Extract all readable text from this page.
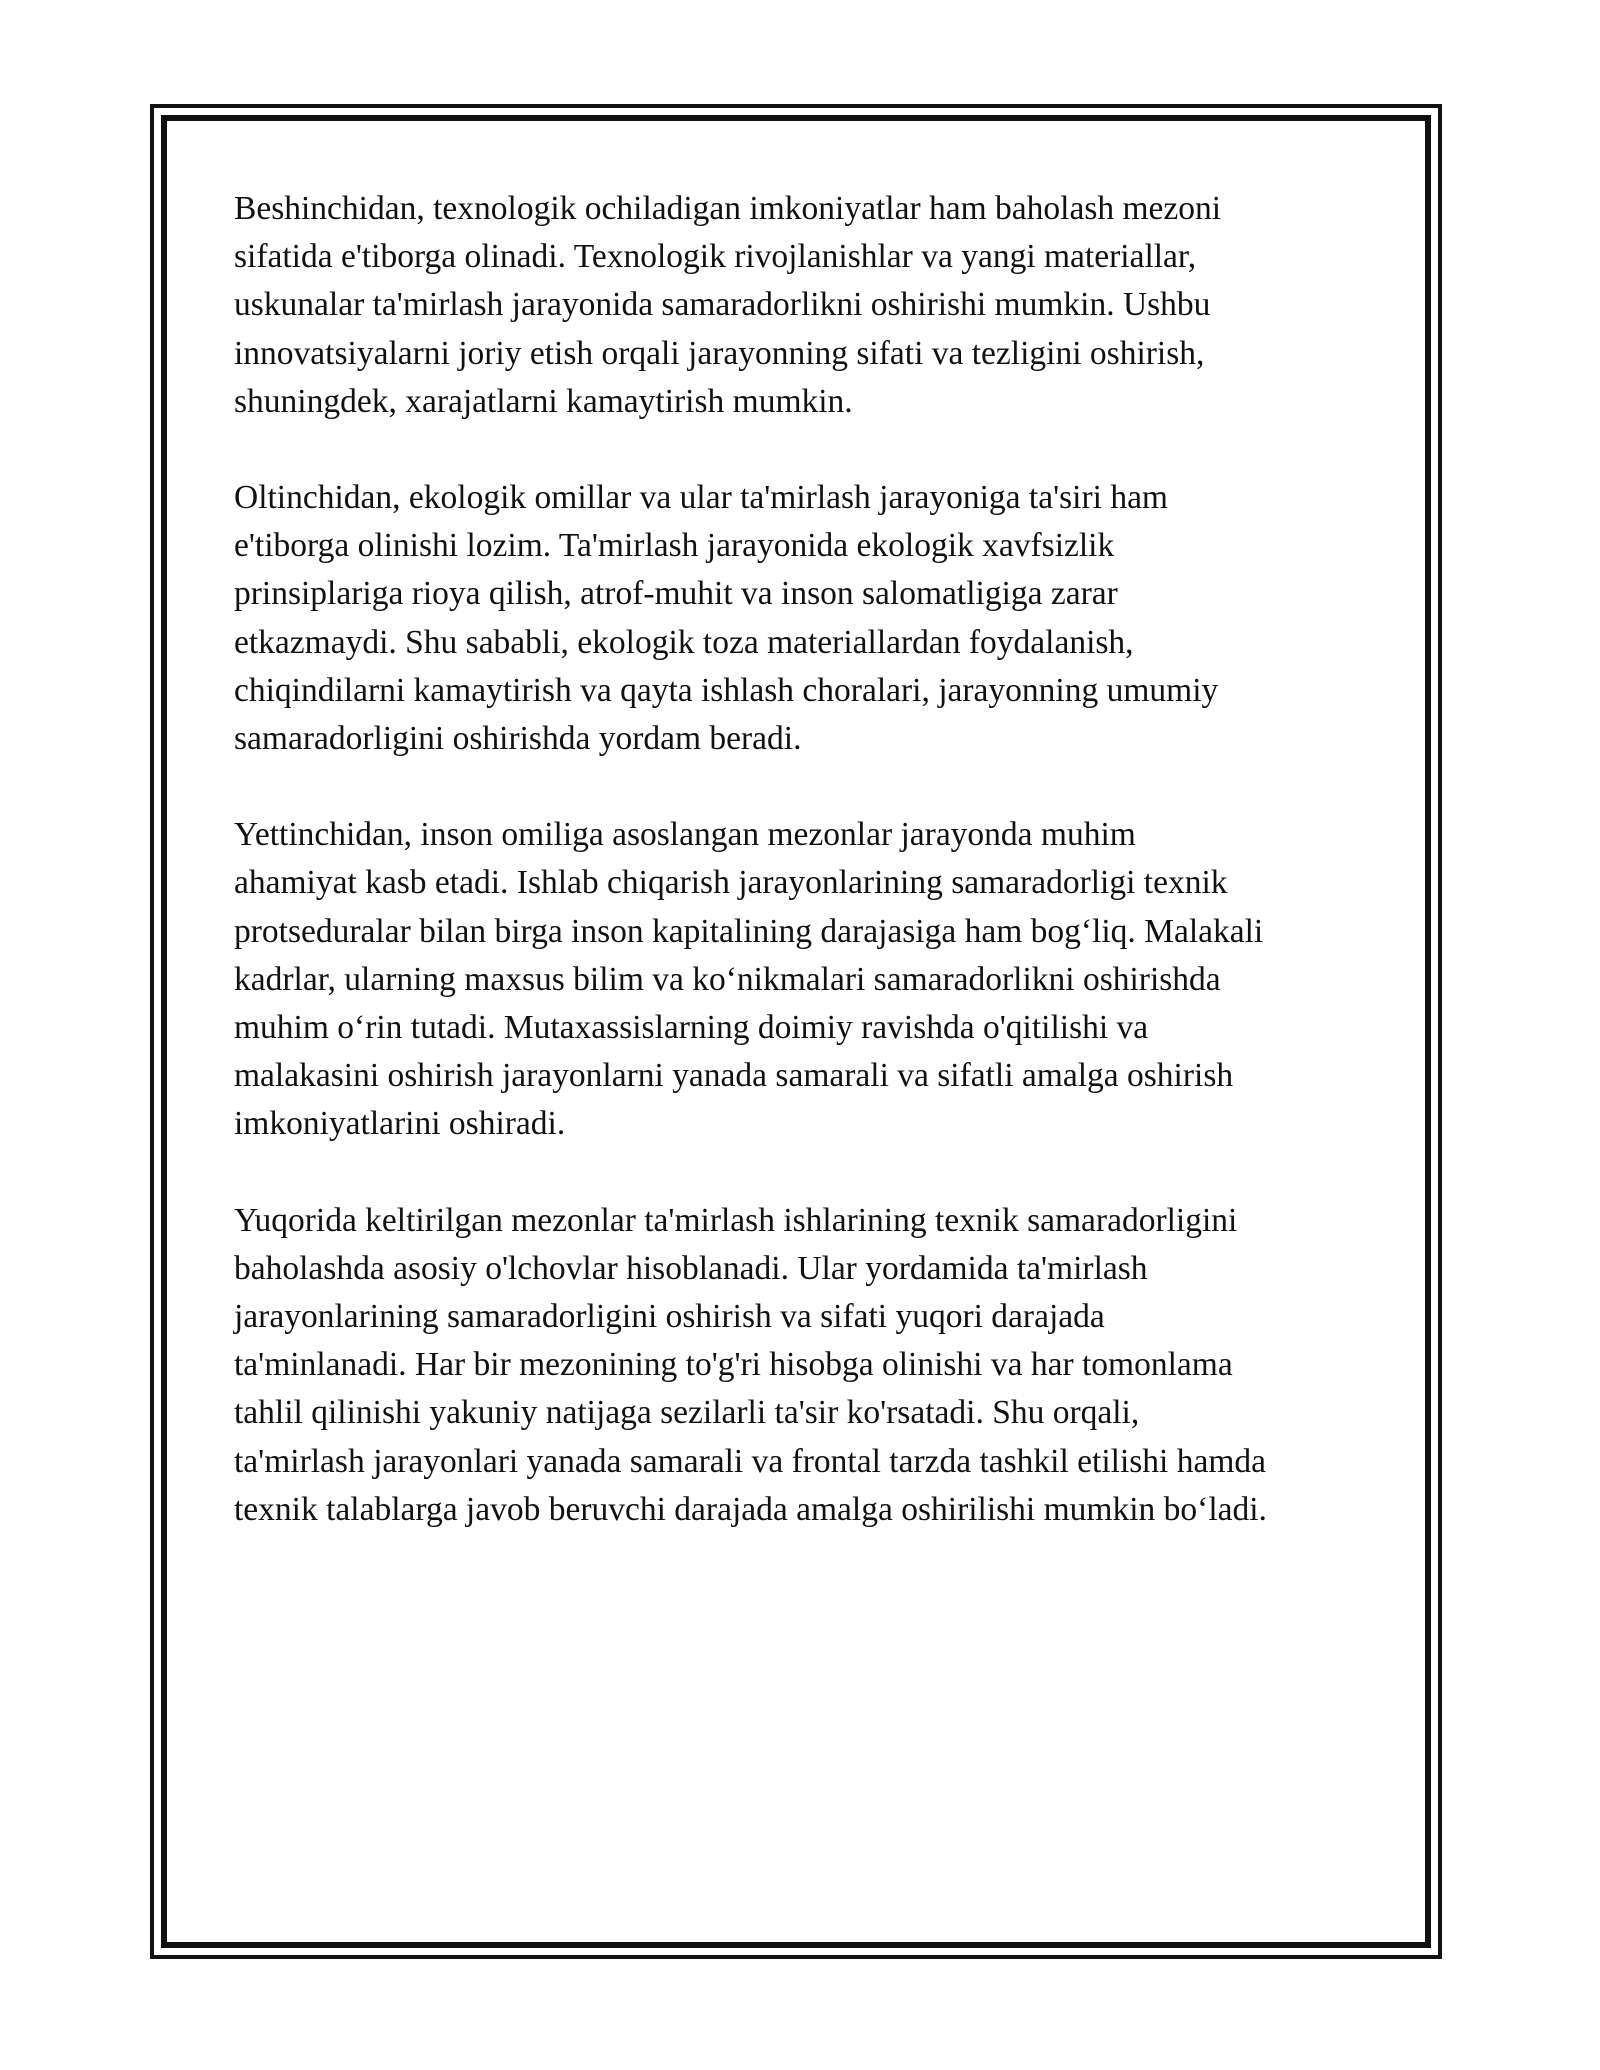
Beshinchidan, texnologik ochiladigan imkoniyatlar ham baholash mezoni
sifatida e'tiborga olinadi. Texnologik rivojlanishlar va yangi materiallar,
uskunalar ta'mirlash jarayonida samaradorlikni oshirishi mumkin. Ushbu
innovatsiyalarni joriy etish orqali jarayonning sifati va tezligini oshirish,
shuningdek, xarajatlarni kamaytirish mumkin.

Oltinchidan, ekologik omillar va ular ta'mirlash jarayoniga ta'siri ham
e'tiborga olinishi lozim. Ta'mirlash jarayonida ekologik xavfsizlik
prinsiplariga rioya qilish, atrof-muhit va inson salomatligiga zarar
etkazmaydi. Shu sababli, ekologik toza materiallardan foydalanish,
chiqindilarni kamaytirish va qayta ishlash choralari, jarayonning umumiy
samaradorligini oshirishda yordam beradi.

Yettinchidan, inson omiliga asoslangan mezonlar jarayonda muhim
ahamiyat kasb etadi. Ishlab chiqarish jarayonlarining samaradorligi texnik
protseduralar bilan birga inson kapitalining darajasiga ham bog‘liq. Malakali
kadrlar, ularning maxsus bilim va ko‘nikmalari samaradorlikni oshirishda
muhim o‘rin tutadi. Mutaxassislarning doimiy ravishda o'qitilishi va
malakasini oshirish jarayonlarni yanada samarali va sifatli amalga oshirish
imkoniyatlarini oshiradi.

Yuqorida keltirilgan mezonlar ta'mirlash ishlarining texnik samaradorligini
baholashda asosiy o'lchovlar hisoblanadi. Ular yordamida ta'mirlash
jarayonlarining samaradorligini oshirish va sifati yuqori darajada
ta'minlanadi. Har bir mezonining to'g'ri hisobga olinishi va har tomonlama
tahlil qilinishi yakuniy natijaga sezilarli ta'sir ko'rsatadi. Shu orqali,
ta'mirlash jarayonlari yanada samarali va frontal tarzda tashkil etilishi hamda
texnik talablarga javob beruvchi darajada amalga oshirilishi mumkin bo‘ladi.
